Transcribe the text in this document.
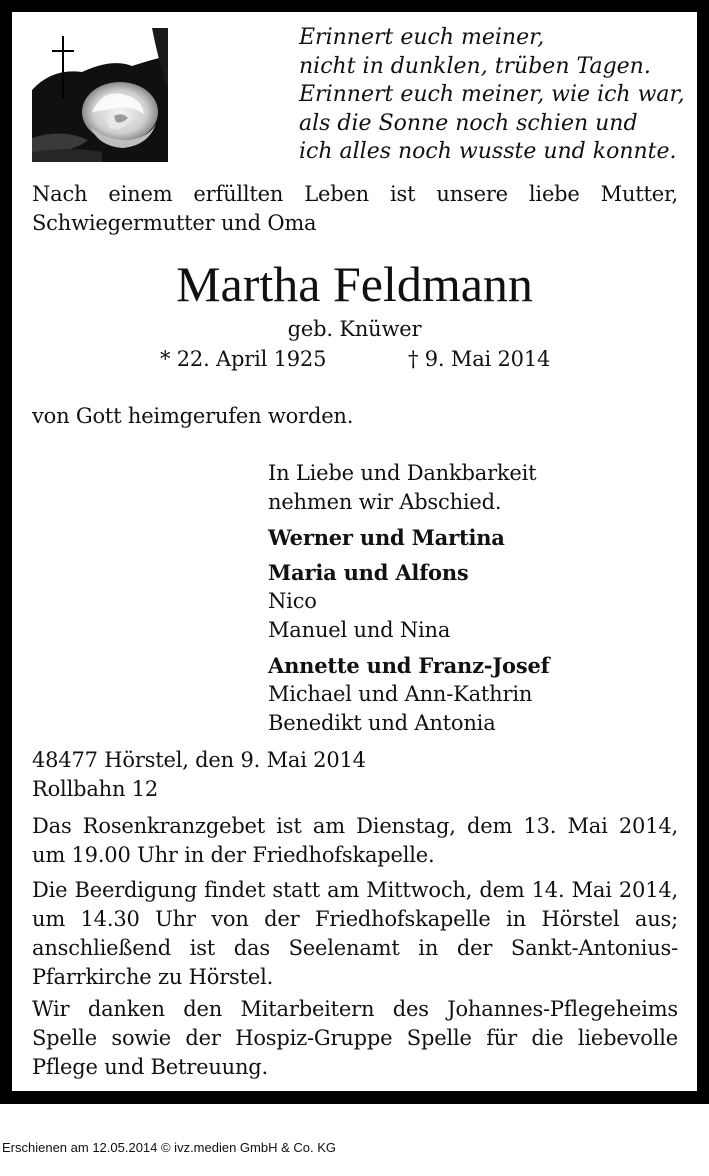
Erinnert euch meiner,
nicht in dunklen, trüben Tagen.
Erinnert euch meiner, wie ich war,
als die Sonne noch schien und
ich alles noch wusste und konnte.
Nach einem erfüllten Leben ist unsere liebe Mutter, Schwiegermutter und Oma
Martha Feldmann
geb. Knüwer
* 22. April 1925	† 9. Mai 2014
von Gott heimgerufen worden.
In Liebe und Dankbarkeit
nehmen wir Abschied.
Werner und Martina
Maria und Alfons
Nico
Manuel und Nina
Annette und Franz-Josef
Michael und Ann-Kathrin
Benedikt und Antonia
48477 Hörstel, den 9. Mai 2014
Rollbahn 12
Das Rosenkranzgebet ist am Dienstag, dem 13. Mai 2014, um 19.00 Uhr in der Friedhofskapelle.
Die Beerdigung findet statt am Mittwoch, dem 14. Mai 2014, um 14.30 Uhr von der Friedhofskapelle in Hörstel aus; anschließend ist das Seelenamt in der Sankt-Antonius-Pfarrkirche zu Hörstel.
Wir danken den Mitarbeitern des Johannes-Pflegeheims Spelle sowie der Hospiz-Gruppe Spelle für die liebevolle Pflege und Betreuung.
Erschienen am 12.05.2014 © ivz.medien GmbH & Co. KG
